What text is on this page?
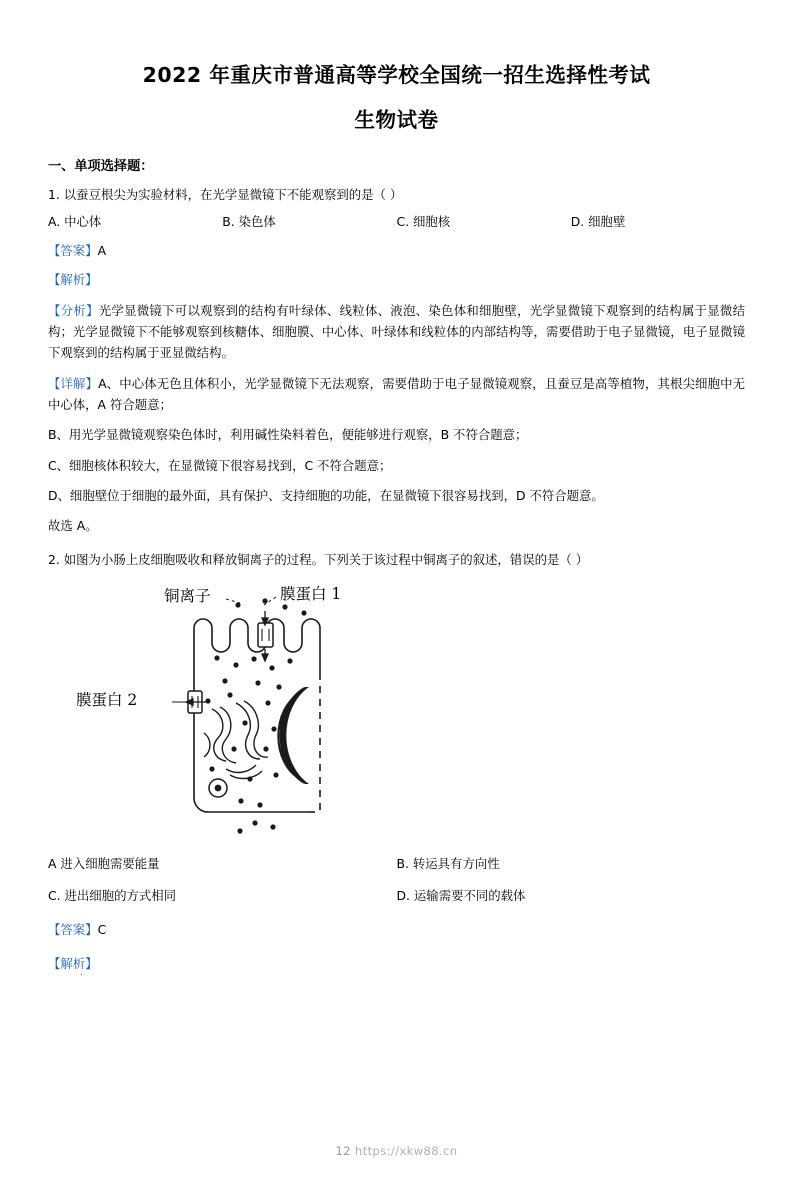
2022 年重庆市普通高等学校全国统一招生选择性考试
生物试卷
一、单项选择题：
1. 以蚕豆根尖为实验材料，在光学显微镜下不能观察到的是（ ）
A. 中心体	B. 染色体	C. 细胞核	D. 细胞壁
【答案】A
【解析】
【分析】光学显微镜下可以观察到的结构有叶绿体、线粒体、液泡、染色体和细胞壁，光学显微镜下观察到的结构属于显微结构；光学显微镜下不能够观察到核糖体、细胞膜、中心体、叶绿体和线粒体的内部结构等，需要借助于电子显微镜，电子显微镜下观察到的结构属于亚显微结构。
【详解】A、中心体无色且体积小，光学显微镜下无法观察，需要借助于电子显微镜观察，且蚕豆是高等植物，其根尖细胞中无中心体，A 符合题意；
B、用光学显微镜观察染色体时，利用碱性染料着色，便能够进行观察，B 不符合题意；
C、细胞核体积较大，在显微镜下很容易找到，C 不符合题意；
D、细胞壁位于细胞的最外面，具有保护、支持细胞的功能，在显微镜下很容易找到，D 不符合题意。
故选 A。
2. 如图为小肠上皮细胞吸收和释放铜离子的过程。下列关于该过程中铜离子的叙述，错误的是（ ）
铜离子	膜蛋白 1
膜蛋白 2
A 进入细胞需要能量	B. 转运具有方向性
C. 进出细胞的方式相同	D. 运输需要不同的载体
【答案】C
【解析】
.
12 https://xkw88.cn
